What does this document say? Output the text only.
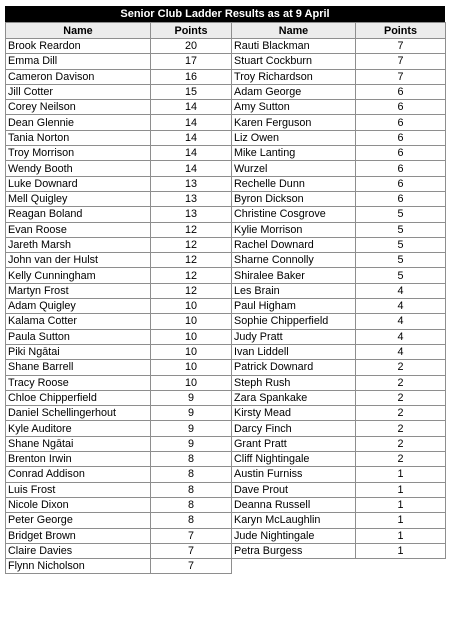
Senior Club Ladder Results as at 9 April
Name	Points	Name	Points
Brook Reardon	20	Rauti Blackman	7
Emma Dill	17	Stuart Cockburn	7
Cameron Davison	16	Troy Richardson	7
Jill Cotter	15	Adam George	6
Corey Neilson	14	Amy Sutton	6
Dean Glennie	14	Karen Ferguson	6
Tania Norton	14	Liz Owen	6
Troy Morrison	14	Mike Lanting	6
Wendy Booth	14	Wurzel	6
Luke Downard	13	Rechelle Dunn	6
Mell Quigley	13	Byron Dickson	6
Reagan Boland	13	Christine Cosgrove	5
Evan Roose	12	Kylie Morrison	5
Jareth Marsh	12	Rachel Downard	5
John van der Hulst	12	Sharne Connolly	5
Kelly Cunningham	12	Shiralee Baker	5
Martyn Frost	12	Les Brain	4
Adam Quigley	10	Paul Higham	4
Kalama Cotter	10	Sophie Chipperfield	4
Paula Sutton	10	Judy Pratt	4
Piki Ngātai	10	Ivan Liddell	4
Shane Barrell	10	Patrick Downard	2
Tracy Roose	10	Steph Rush	2
Chloe Chipperfield	9	Zara Spankake	2
Daniel Schellingerhout	9	Kirsty Mead	2
Kyle Auditore	9	Darcy Finch	2
Shane Ngātai	9	Grant Pratt	2
Brenton Irwin	8	Cliff Nightingale	2
Conrad Addison	8	Austin Furniss	1
Luis Frost	8	Dave Prout	1
Nicole Dixon	8	Deanna Russell	1
Peter George	8	Karyn McLaughlin	1
Bridget Brown	7	Jude Nightingale	1
Claire Davies	7	Petra Burgess	1
Flynn Nicholson	7		
